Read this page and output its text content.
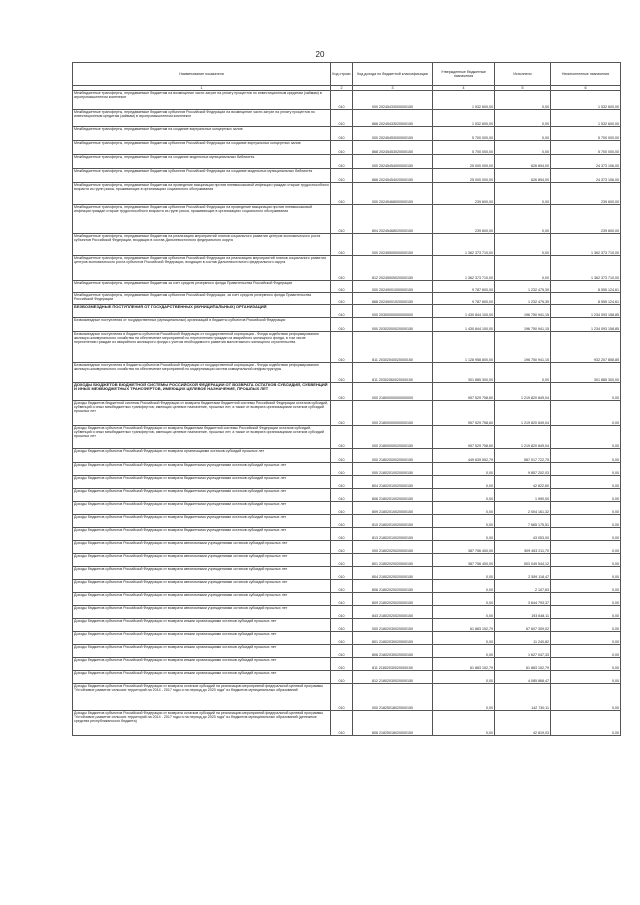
20
Наименование показателя	Код строки	Код дохода по бюджетной классификации	Утвержденные бюджетные назначения	Исполнено	Неисполненные назначения
1	2	3	4	5	6
Межбюджетные трансферты, передаваемые бюджетам на возмещение части затрат на уплату процентов по инвестиционным кредитам (займам) в агропромышленном комплексе	010	000 20245433000000150	1 532 600,00	0,00	1 532 600,00
Межбюджетные трансферты, передаваемые бюджетам субъектов Российской Федерации на возмещение части затрат на уплату процентов по инвестиционным кредитам (займам) в агропромышленном комплексе	010	868 20245433020000150	1 532 600,00	0,00	1 532 600,00
Межбюджетные трансферты, передаваемые бюджетам на создание виртуальных концертных залов	010	000 20245453000000150	5 700 000,00	0,00	5 700 000,00
Межбюджетные трансферты, передаваемые бюджетам субъектов Российской Федерации на создание виртуальных концертных залов	010	868 20245453020000150	5 700 000,00	0,00	5 700 000,00
Межбюджетные трансферты, передаваемые бюджетам на создание модельных муниципальных библиотек	010	000 20245454000000150	25 000 000,00	626 894,00	24 373 106,00
Межбюджетные трансферты, передаваемые бюджетам субъектов Российской Федерации на создание модельных муниципальных библиотек	010	868 20245454020000150	25 000 000,00	626 894,00	24 373 106,00
Межбюджетные трансферты, передаваемые бюджетам на проведение вакцинации против пневмококковой инфекции граждан старше трудоспособного возраста из групп риска, проживающих в организациях социального обслуживания	010	000 20245468000000150	239 600,00	0,00	239 600,00
Межбюджетные трансферты, передаваемые бюджетам субъектов Российской Федерации на проведение вакцинации против пневмококковой инфекции граждан старше трудоспособного возраста из групп риска, проживающих в организациях социального обслуживания	010	804 20245468020000150	239 600,00	0,00	239 600,00
Межбюджетные трансферты, передаваемые бюджетам на реализацию мероприятий планов социального развития центров экономического роста субъектов Российской Федерации, входящих в состав Дальневосточного федерального округа	010	000 20245505000000150	1 362 373 710,00	0,00	1 362 373 710,00
Межбюджетные трансферты, передаваемые бюджетам субъектов Российской Федерации на реализацию мероприятий планов социального развития центров экономического роста субъектов Российской Федерации, входящих в состав Дальневосточного федерального округа	010	812 20245505020000150	1 362 373 710,00	0,00	1 362 373 710,00
Межбюджетные трансферты, передаваемые бюджетам за счет средств резервного фонда Правительства Российской Федерации	010	000 20249001000000150	9 787 600,00	1 232 475,39	8 555 124,61
Межбюджетные трансферты, передаваемые бюджетам субъектов Российской Федерации, за счет средств резервного фонда Правительства Российской Федерации	010	868 20249001020000150	9 787 600,00	1 232 475,39	8 555 124,61
БЕЗВОЗМЕЗДНЫЕ ПОСТУПЛЕНИЯ ОТ ГОСУДАРСТВЕННЫХ (МУНИЦИПАЛЬНЫХ) ОРГАНИЗАЦИЙ	010	000 20300000000000000	1 430 844 100,00	196 750 941,15	1 234 093 158,85
Безвозмездные поступления от государственных (муниципальных) организаций в бюджеты субъектов Российской Федерации	010	000 20302000020000150	1 430 844 100,00	196 750 941,15	1 234 093 158,85
Безвозмездные поступления в бюджеты субъектов Российской Федерации от государственной корпорации - Фонда содействия реформированию жилищно-коммунального хозяйства на обеспечение мероприятий по переселению граждан из аварийного жилищного фонда, в том числе переселению граждан из аварийного жилищного фонда с учетом необходимости развития малоэтажного жилищного строительства	010	811 20302040020000150	1 128 958 800,00	196 750 941,15	932 207 858,85
Безвозмездные поступления в бюджеты субъектов Российской Федерации от государственной корпорации - Фонда содействия реформированию жилищно-коммунального хозяйства на обеспечение мероприятий по модернизации систем коммунальной инфраструктуры	010	811 20302060020000150	301 885 300,00	0,00	301 885 300,00
ДОХОДЫ БЮДЖЕТОВ БЮДЖЕТНОЙ СИСТЕМЫ РОССИЙСКОЙ ФЕДЕРАЦИИ ОТ ВОЗВРАТА ОСТАТКОВ СУБСИДИЙ, СУБВЕНЦИЙ И ИНЫХ МЕЖБЮДЖЕТНЫХ ТРАНСФЕРТОВ, ИМЕЮЩИХ ЦЕЛЕВОЕ НАЗНАЧЕНИЕ, ПРОШЛЫХ ЛЕТ	010	000 21800000000000000	957 529 758,60	1 219 820 849,04	0,00
Доходы бюджетов бюджетной системы Российской Федерации от возврата бюджетами бюджетной системы Российской Федерации остатков субсидий, субвенций и иных межбюджетных трансфертов, имеющих целевое назначение, прошлых лет, а также от возврата организациями остатков субсидий прошлых лет	010	000 21800000000000150	957 529 758,60	1 219 820 849,04	0,00
Доходы бюджетов субъектов Российской Федерации от возврата бюджетами бюджетной системы Российской Федерации остатков субсидий, субвенций и иных межбюджетных трансфертов, имеющих целевое назначение, прошлых лет, а также от возврата организациями остатков субсидий прошлых лет	010	000 21800000020000150	957 529 758,60	1 219 820 849,04	0,00
Доходы бюджетов субъектов Российской Федерации от возврата организациями остатков субсидий прошлых лет	010	000 21802000020000150	449 639 552,79	587 017 722,75	0,00
Доходы бюджетов субъектов Российской Федерации от возврата бюджетными учреждениями остатков субсидий прошлых лет	010	000 21802010020000150	0,00	9 857 202,03	0,00
Доходы бюджетов субъектов Российской Федерации от возврата бюджетными учреждениями остатков субсидий прошлых лет	010	804 21802010020000150	0,00	42 822,60	0,00
Доходы бюджетов субъектов Российской Федерации от возврата бюджетными учреждениями остатков субсидий прошлых лет	010	806 21802010020000150	0,00	1 990,00	0,00
Доходы бюджетов субъектов Российской Федерации от возврата бюджетными учреждениями остатков субсидий прошлых лет	010	809 21802010020000150	0,00	2 004 161,32	0,00
Доходы бюджетов субъектов Российской Федерации от возврата бюджетными учреждениями остатков субсидий прошлых лет	010	810 21802010020000150	0,00	7 665 175,51	0,00
Доходы бюджетов субъектов Российской Федерации от возврата бюджетными учреждениями остатков субсидий прошлых лет	010	813 21802010020000150	0,00	43 053,00	0,00
Доходы бюджетов субъектов Российской Федерации от возврата автономными учреждениями остатков субсидий прошлых лет	010	000 21802020020000150	387 756 400,00	509 453 211,70	0,00
Доходы бюджетов субъектов Российской Федерации от возврата автономными учреждениями остатков субсидий прошлых лет	010	801 21802020020000150	387 756 400,00	503 049 544,12	0,00
Доходы бюджетов субъектов Российской Федерации от возврата автономными учреждениями остатков субсидий прошлых лет	010	804 21802020020000150	0,00	2 559 118,47	0,00
Доходы бюджетов субъектов Российской Федерации от возврата автономными учреждениями остатков субсидий прошлых лет	010	806 21802020020000150	0,00	2 107,63	0,00
Доходы бюджетов субъектов Российской Федерации от возврата автономными учреждениями остатков субсидий прошлых лет	010	809 21802020020000150	0,00	3 644 793,37	0,00
Доходы бюджетов субъектов Российской Федерации от возврата автономными учреждениями остатков субсидий прошлых лет	010	843 21802020020000150	0,00	193 648,11	0,00
Доходы бюджетов субъектов Российской Федерации от возврата иными организациями остатков субсидий прошлых лет	010	000 21802030020000150	61 883 152,79	67 607 309,02	0,00
Доходы бюджетов субъектов Российской Федерации от возврата иными организациями остатков субсидий прошлых лет	010	801 21802030020000150	0,00	11 240,82	0,00
Доходы бюджетов субъектов Российской Федерации от возврата иными организациями остатков субсидий прошлых лет	010	806 21802030020000150	0,00	1 627 047,33	0,00
Доходы бюджетов субъектов Российской Федерации от возврата иными организациями остатков субсидий прошлых лет	010	811 21802030020000150	61 883 152,79	61 883 152,79	0,00
Доходы бюджетов субъектов Российской Федерации от возврата иными организациями остатков субсидий прошлых лет	010	812 21802030020000150	0,00	4 085 868,47	0,00
Доходы бюджетов субъектов Российской Федерации от возврата остатков субсидий на реализацию мероприятий федеральной целевой программы "Устойчивое развитие сельских территорий на 2014 - 2017 годы и на период до 2020 года" из бюджетов муниципальных образований	010	000 21825018020000150	0,00	142 730,11	0,00
Доходы бюджетов субъектов Российской Федерации от возврата остатков субсидий на реализацию мероприятий федеральной целевой программы "Устойчивое развитие сельских территорий на 2014 - 2017 годы и на период до 2020 года" из бюджетов муниципальных образований (денежные средства республиканского бюджета)	010	806 21825018020000150	0,00	42 819,03	0,00
